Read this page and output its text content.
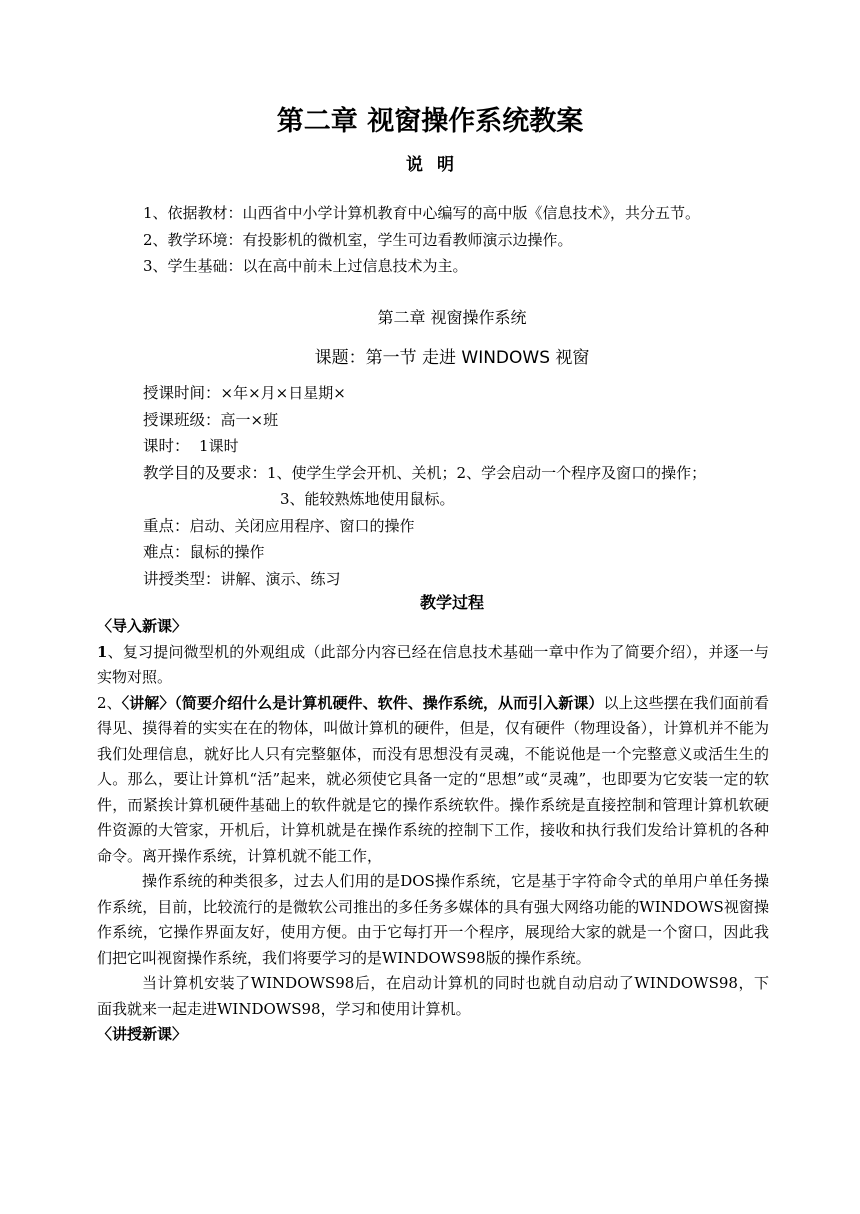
第二章 视窗操作系统教案
说明
1、依据教材：山西省中小学计算机教育中心编写的高中版《信息技术》，共分五节。
2、教学环境：有投影机的微机室，学生可边看教师演示边操作。
3、学生基础：以在高中前未上过信息技术为主。
第二章 视窗操作系统
课题：第一节 走进 WINDOWS 视窗
授课时间：×年×月×日星期×
授课班级：高一×班
课时：  1课时
教学目的及要求：1、使学生学会开机、关机；2、学会启动一个程序及窗口的操作；
3、能较熟炼地使用鼠标。
重点：启动、关闭应用程序、窗口的操作
难点：鼠标的操作
讲授类型：讲解、演示、练习
教学过程

〈导入新课〉

1、复习提问微型机的外观组成（此部分内容已经在信息技术基础一章中作为了简要介绍），并逐一与实物对照。

2、〈讲解〉（简要介绍什么是计算机硬件、软件、操作系统，从而引入新课）以上这些摆在我们面前看得见、摸得着的实实在在的物体，叫做计算机的硬件，但是，仅有硬件（物理设备），计算机并不能为我们处理信息，就好比人只有完整躯体，而没有思想没有灵魂，不能说他是一个完整意义或活生生的人。那么，要让计算机“活”起来，就必须使它具备一定的“思想”或“灵魂”，也即要为它安装一定的软件，而紧挨计算机硬件基础上的软件就是它的操作系统软件。操作系统是直接控制和管理计算机软硬件资源的大管家，开机后，计算机就是在操作系统的控制下工作，接收和执行我们发给计算机的各种命令。离开操作系统，计算机就不能工作，

操作系统的种类很多，过去人们用的是DOS操作系统，它是基于字符命令式的单用户单任务操作系统，目前，比较流行的是微软公司推出的多任务多媒体的具有强大网络功能的WINDOWS视窗操作系统，它操作界面友好，使用方便。由于它每打开一个程序，展现给大家的就是一个窗口，因此我们把它叫视窗操作系统，我们将要学习的是WINDOWS98版的操作系统。

当计算机安装了WINDOWS98后，在启动计算机的同时也就自动启动了WINDOWS98，下面我就来一起走进WINDOWS98，学习和使用计算机。

〈讲授新课〉
